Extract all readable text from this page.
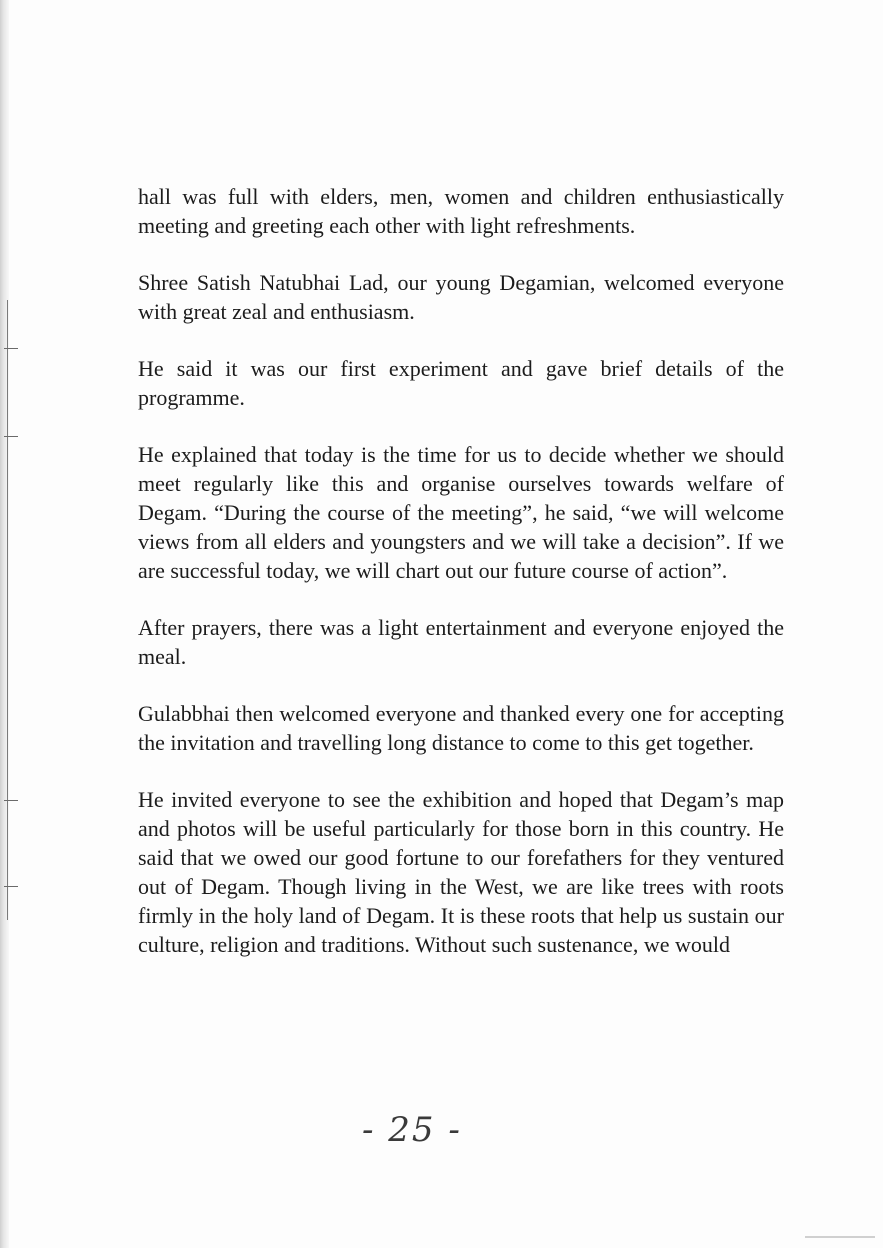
hall was full with elders, men, women and children enthusiastically meeting and greeting each other with light refreshments.

Shree Satish Natubhai Lad, our young Degamian, welcomed everyone with great zeal and enthusiasm.

He said it was our first experiment and gave brief details of the programme.

He explained that today is the time for us to decide whether we should meet regularly like this and organise ourselves towards welfare of Degam. “During the course of the meeting”, he said, “we will welcome views from all elders and youngsters and we will take a decision”. If we are successful today, we will chart out our future course of action”.

After prayers, there was a light entertainment and everyone enjoyed the meal.

Gulabbhai then welcomed everyone and thanked every one for accepting the invitation and travelling long distance to come to this get together.

He invited everyone to see the exhibition and hoped that Degam’s map and photos will be useful particularly for those born in this country. He said that we owed our good fortune to our forefathers for they ventured out of Degam. Though living in the West, we are like trees with roots firmly in the holy land of Degam. It is these roots that help us sustain our culture, religion and traditions. Without such sustenance, we would

- 25 -
